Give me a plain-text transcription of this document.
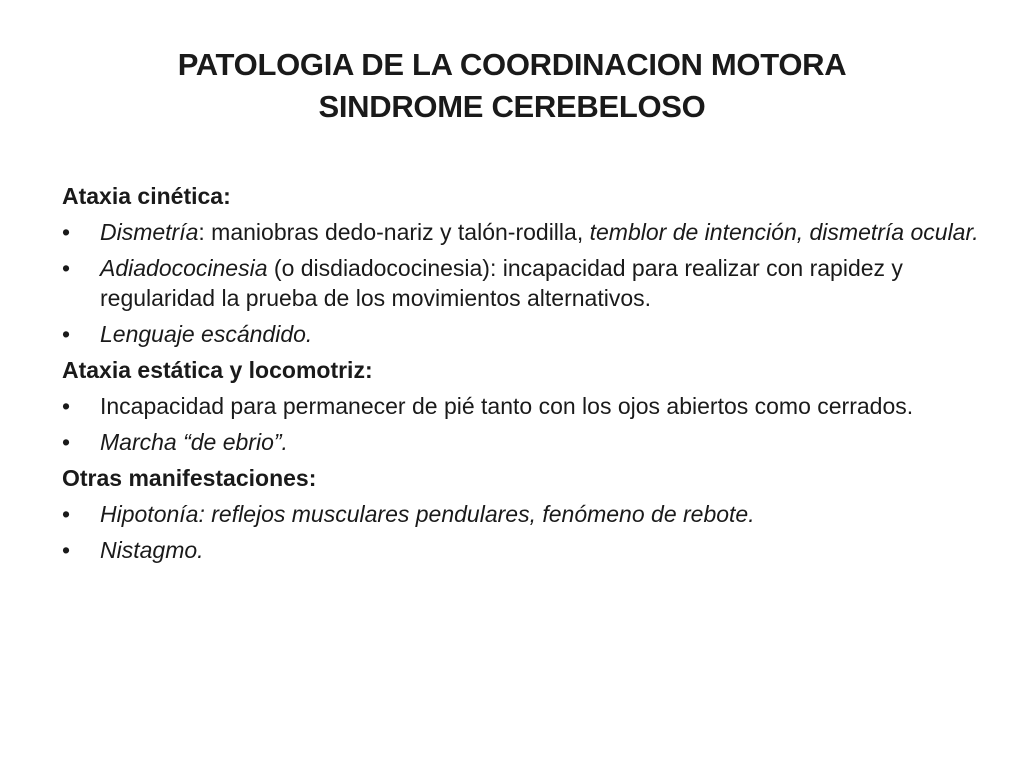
PATOLOGIA DE LA COORDINACION MOTORA
SINDROME CEREBELOSO
Ataxia cinética:
•	Dismetría: maniobras dedo-nariz y talón-rodilla, temblor de intención, dismetría ocular.
•	Adiadococinesia (o disdiadococinesia): incapacidad para realizar con rapidez y regularidad la prueba de los movimientos alternativos.
•	Lenguaje escándido.
Ataxia estática y locomotriz:
•	Incapacidad para permanecer de pié tanto con los ojos abiertos como cerrados.
•	Marcha “de ebrio”.
Otras manifestaciones:
•	Hipotonía: reflejos musculares pendulares, fenómeno de rebote.
•	Nistagmo.
